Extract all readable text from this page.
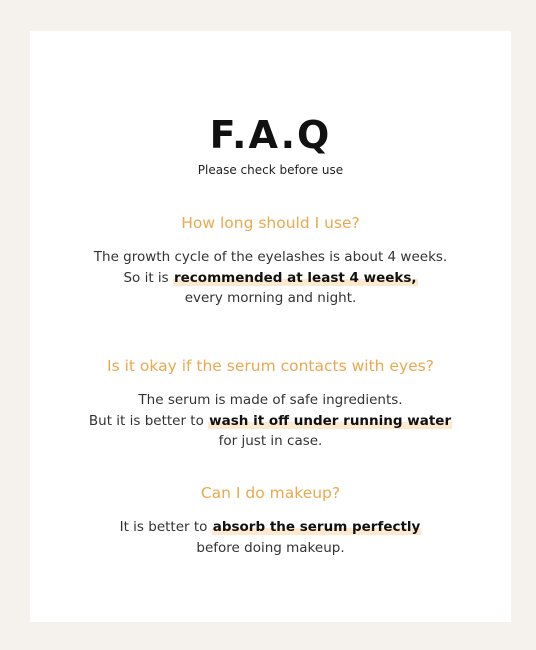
F.A.Q
Please check before use
How long should I use?
The growth cycle of the eyelashes is about 4 weeks.
So it is recommended at least 4 weeks,
every morning and night.
Is it okay if the serum contacts with eyes?
The serum is made of safe ingredients.
But it is better to wash it off under running water
for just in case.
Can I do makeup?
It is better to absorb the serum perfectly
before doing makeup.
